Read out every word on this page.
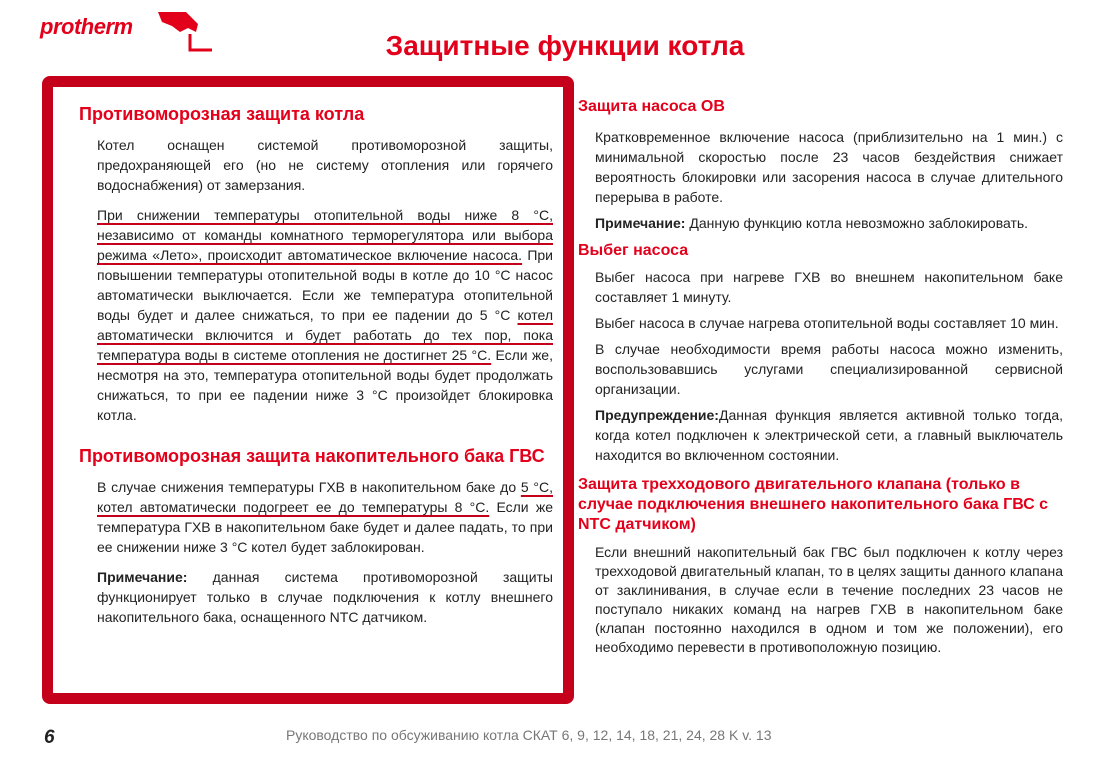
protherm
Защитные функции котла
Противоморозная защита котла

Котел оснащен системой противоморозной защиты, предохраняющей его (но не систему отопления или горячего водоснабжения) от замерзания.

При снижении температуры отопительной воды ниже 8 °C, независимо от команды комнатного терморегулятора или выбора режима «Лето», происходит автоматическое включение насоса. При повышении температуры отопительной воды в котле до 10 °C насос автоматически выключается. Если же температура отопительной воды будет и далее снижаться, то при ее падении до 5 °C котел автоматически включится и будет работать до тех пор, пока температура воды в системе отопления не достигнет 25 °C. Если же, несмотря на это, температура отопительной воды будет продолжать снижаться, то при ее падении ниже 3 °C произойдет блокировка котла.

Противоморозная защита накопительного бака ГВС

В случае снижения температуры ГХВ в накопительном баке до 5 °C, котел автоматически подогреет ее до температуры 8 °C. Если же температура ГХВ в накопительном баке будет и далее падать, то при ее снижении ниже 3 °C котел будет заблокирован.

Примечание: данная система противоморозной защиты функционирует только в случае подключения к котлу внешнего накопительного бака, оснащенного NTC датчиком.

Защита насоса ОВ

Кратковременное включение насоса (приблизительно на 1 мин.) с минимальной скоростью после 23 часов бездействия снижает вероятность блокировки или засорения насоса в случае длительного перерыва в работе.

Примечание: Данную функцию котла невозможно заблокировать.

Выбег насоса

Выбег насоса при нагреве ГХВ во внешнем накопительном баке составляет 1 минуту.

Выбег насоса в случае нагрева отопительной воды составляет 10 мин.

В случае необходимости время работы насоса можно изменить, воспользовавшись услугами специализированной сервисной организации.

Предупреждение:Данная функция является активной только тогда, когда котел подключен к электрической сети, а главный выключатель находится во включенном состоянии.

Защита трехходового двигательного клапана (только в случае подключения внешнего накопительного бака ГВС с NTC датчиком)

Если внешний накопительный бак ГВС был подключен к котлу через трехходовой двигательный клапан, то в целях защиты данного клапана от заклинивания, в случае если в течение последних 23 часов не поступало никаких команд на нагрев ГХВ в накопительном баке (клапан постоянно находился в одном и том же положении), его необходимо перевести в противоположную позицию.

6	Руководство по обсуживанию котла СКАТ 6, 9, 12, 14, 18, 21, 24, 28 K v. 13
